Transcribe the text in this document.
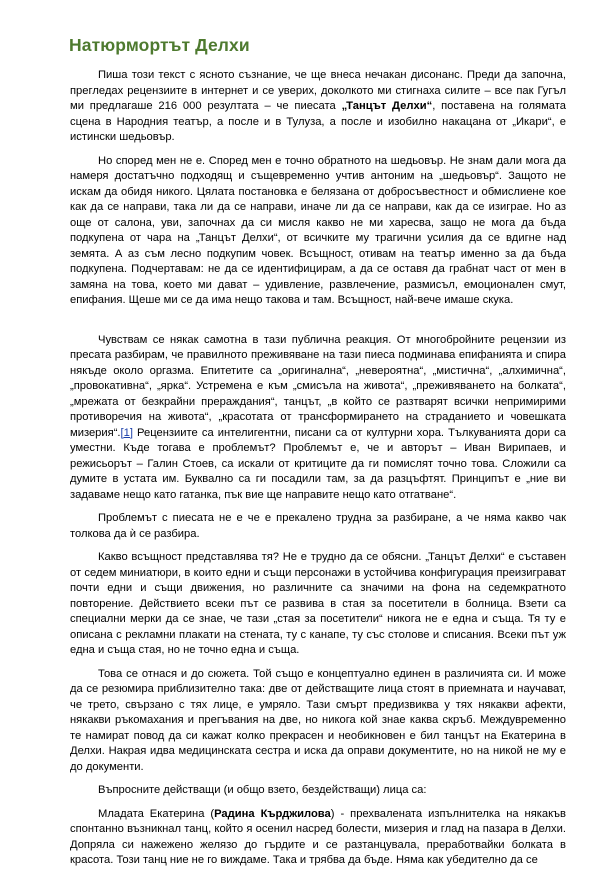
Натюрмортът Делхи

Пиша този текст с ясното съзнание, че ще внеса нечакан дисонанс. Преди да започна, прегледах рецензиите в интернет и се уверих, доколкото ми стигнаха силите – все пак Гугъл ми предлагаше 216 000 резултата – че пиесата „Танцът Делхи“, поставена на голямата сцена в Народния театър, а после и в Тулуза, а после и изобилно накацана от „Икари“, е истински шедьовър.

Но според мен не е. Според мен е точно обратното на шедьовър. Не знам дали мога да намеря достатъчно подходящ и същевременно учтив антоним на „шедьовър“. Защото не искам да обидя никого. Цялата постановка е белязана от добросъвестност и обмислиене кое как да се направи, така ли да се направи, иначе ли да се направи, как да се изиграе. Но аз още от салона, уви, започнах да си мисля какво не ми харесва, защо не мога да бъда подкупена от чара на „Танцът Делхи“, от всичките му трагични усилия да се вдигне над земята. А аз съм лесно подкупим човек. Всъщност, отивам на театър именно за да бъда подкупена. Подчертавам: не да се идентифицирам, а да се оставя да грабнат част от мен в замяна на това, което ми дават – удивление, развлечение, размисъл, емоционален смут, епифания. Щеше ми се да има нещо такова и там. Всъщност, най-вече имаше скука.

Чувствам се някак самотна в тази публична реакция. От многобройните рецензии из пресата разбирам, че правилното преживяване на тази пиеса подминава епифанията и спира някъде около оргазма. Епитетите са „оригинална“, „невероятна“, „мистична“, „алхимична“, „провокативна“, „ярка“. Устремена е към „смисъла на живота“, „преживяването на болката“, „мрежата от безкрайни прераждания“, танцът, „в който се разтварят всички непримирими противоречия на живота“, „красотата от трансформирането на страданието и човешката мизерия“.[1] Рецензиите са интелигентни, писани са от културни хора. Тълкуванията дори са уместни. Къде тогава е проблемът? Проблемът е, че и авторът – Иван Вирипаев, и режисьорът – Галин Стоев, са искали от критиците да ги помислят точно това. Сложили са думите в устата им. Буквално са ги посадили там, за да разцъфтят. Принципът е „ние ви задаваме нещо като гатанка, пък вие ще направите нещо като отгатване“.

Проблемът с пиесата не е че е прекалено трудна за разбиране, а че няма какво чак толкова да ѝ се разбира.

Какво всъщност представлява тя? Не е трудно да се обясни. „Танцът Делхи“ е съставен от седем миниатюри, в които едни и същи персонажи в устойчива конфигурация преизиграват почти едни и същи движения, но различните са значими на фона на седемкратното повторение. Действието всеки път се развива в стая за посетители в болница. Взети са специални мерки да се знае, че тази „стая за посетители“ никога не е една и съща. Тя ту е описана с рекламни плакати на стената, ту с канапе, ту със столове и списания. Всеки път уж една и съща стая, но не точно една и съща.

Това се отнася и до сюжета. Той също е концептуално единен в различията си. И може да се резюмира приблизително така: две от действащите лица стоят в приемната и научават, че трето, свързано с тях лице, е умряло. Тази смърт предизвиква у тях някакви афекти, някакви ръкомахания и прегъвания на две, но никога кой знае каква скръб. Междувременно те намират повод да си кажат колко прекрасен и необикновен е бил танцът на Екатерина в Делхи. Накрая идва медицинската сестра и иска да оправи документите, но на никой не му е до документи.

Въпросните действащи (и общо взето, бездействащи) лица са:

Младата Екатерина (Радина Кърджилова) - прехвалената изпълнителка на някакъв спонтанно възникнал танц, който я осенил насред болести, мизерия и глад на пазара в Делхи. Допряла си нажежено желязо до гърдите и се разтанцувала, преработвайки болката в красота. Този танц ние не го виждаме. Така и трябва да бъде. Няма как убедително да се
